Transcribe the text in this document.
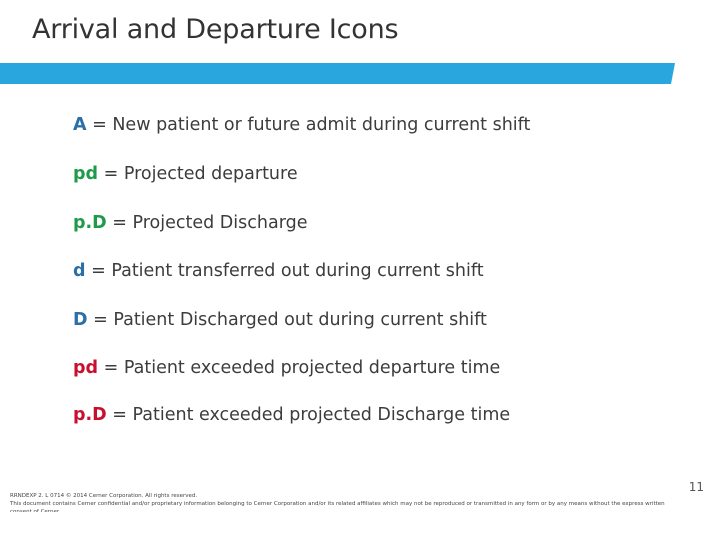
Arrival and Departure Icons
A = New patient or future admit during current shift
pd = Projected departure
p.D = Projected Discharge
d = Patient transferred out during current shift
D = Patient Discharged out during current shift
pd = Patient exceeded projected departure time
p.D = Patient exceeded projected Discharge time
RRNDEXP 2. L 0714 © 2014 Cerner Corporation. All rights reserved.
This document contains Cerner confidential and/or proprietary information belonging to Cerner Corporation and/or its related affiliates which may not be reproduced or transmitted in any form or by any means without the express written
consent of Cerner.
11
